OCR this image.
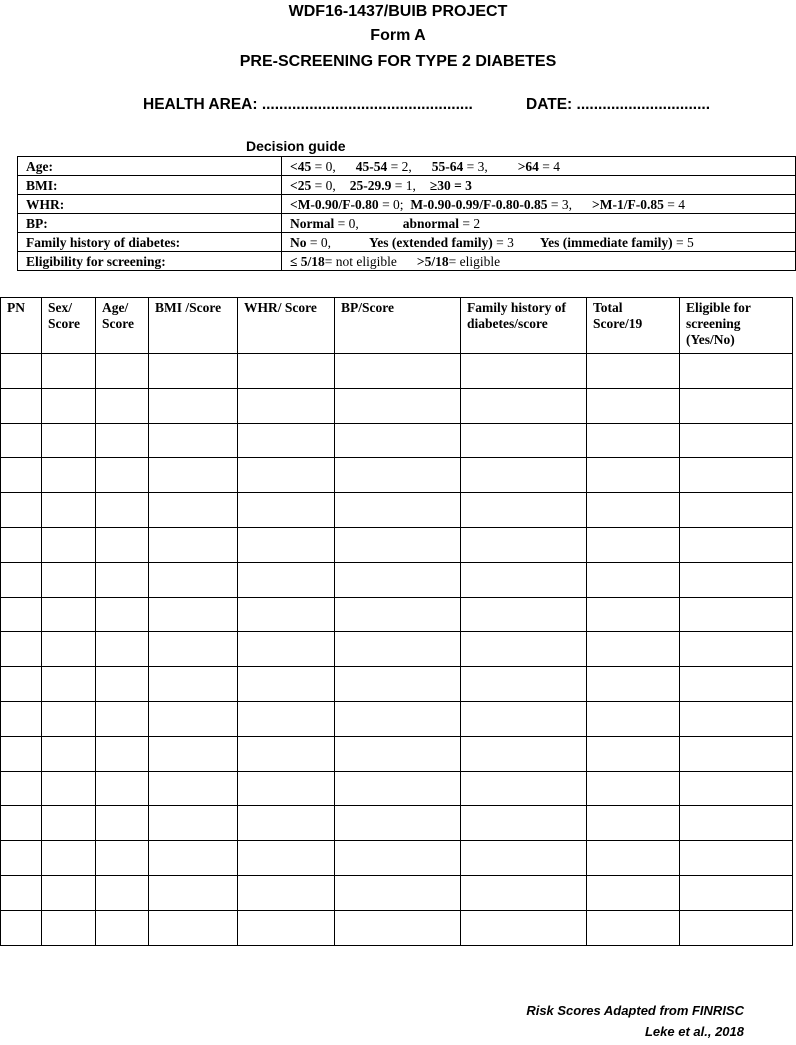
WDF16-1437/BUIB PROJECT
Form A
PRE-SCREENING FOR TYPE 2 DIABETES
HEALTH AREA: .................................................	DATE: ...............................
Decision guide
Age:	<45 = 0, 45-54 = 2, 55-64 = 3, >64 = 4
BMI:	<25 = 0, 25-29.9 = 1, ≥30 = 3
WHR:	<M-0.90/F-0.80 = 0;  M-0.90-0.99/F-0.80-0.85 = 3, >M-1/F-0.85 = 4
BP:	Normal = 0, abnormal = 2
Family history of diabetes:	No = 0, Yes (extended family) = 3 Yes (immediate family) = 5
Eligibility for screening:	≤ 5/18= not eligible >5/18= eligible
PN	Sex/ Score	Age/ Score	BMI /Score	WHR/ Score	BP/Score	Family history of diabetes/score	Total Score/19	Eligible for screening (Yes/No)

Risk Scores Adapted from FINRISC
Leke et al., 2018
